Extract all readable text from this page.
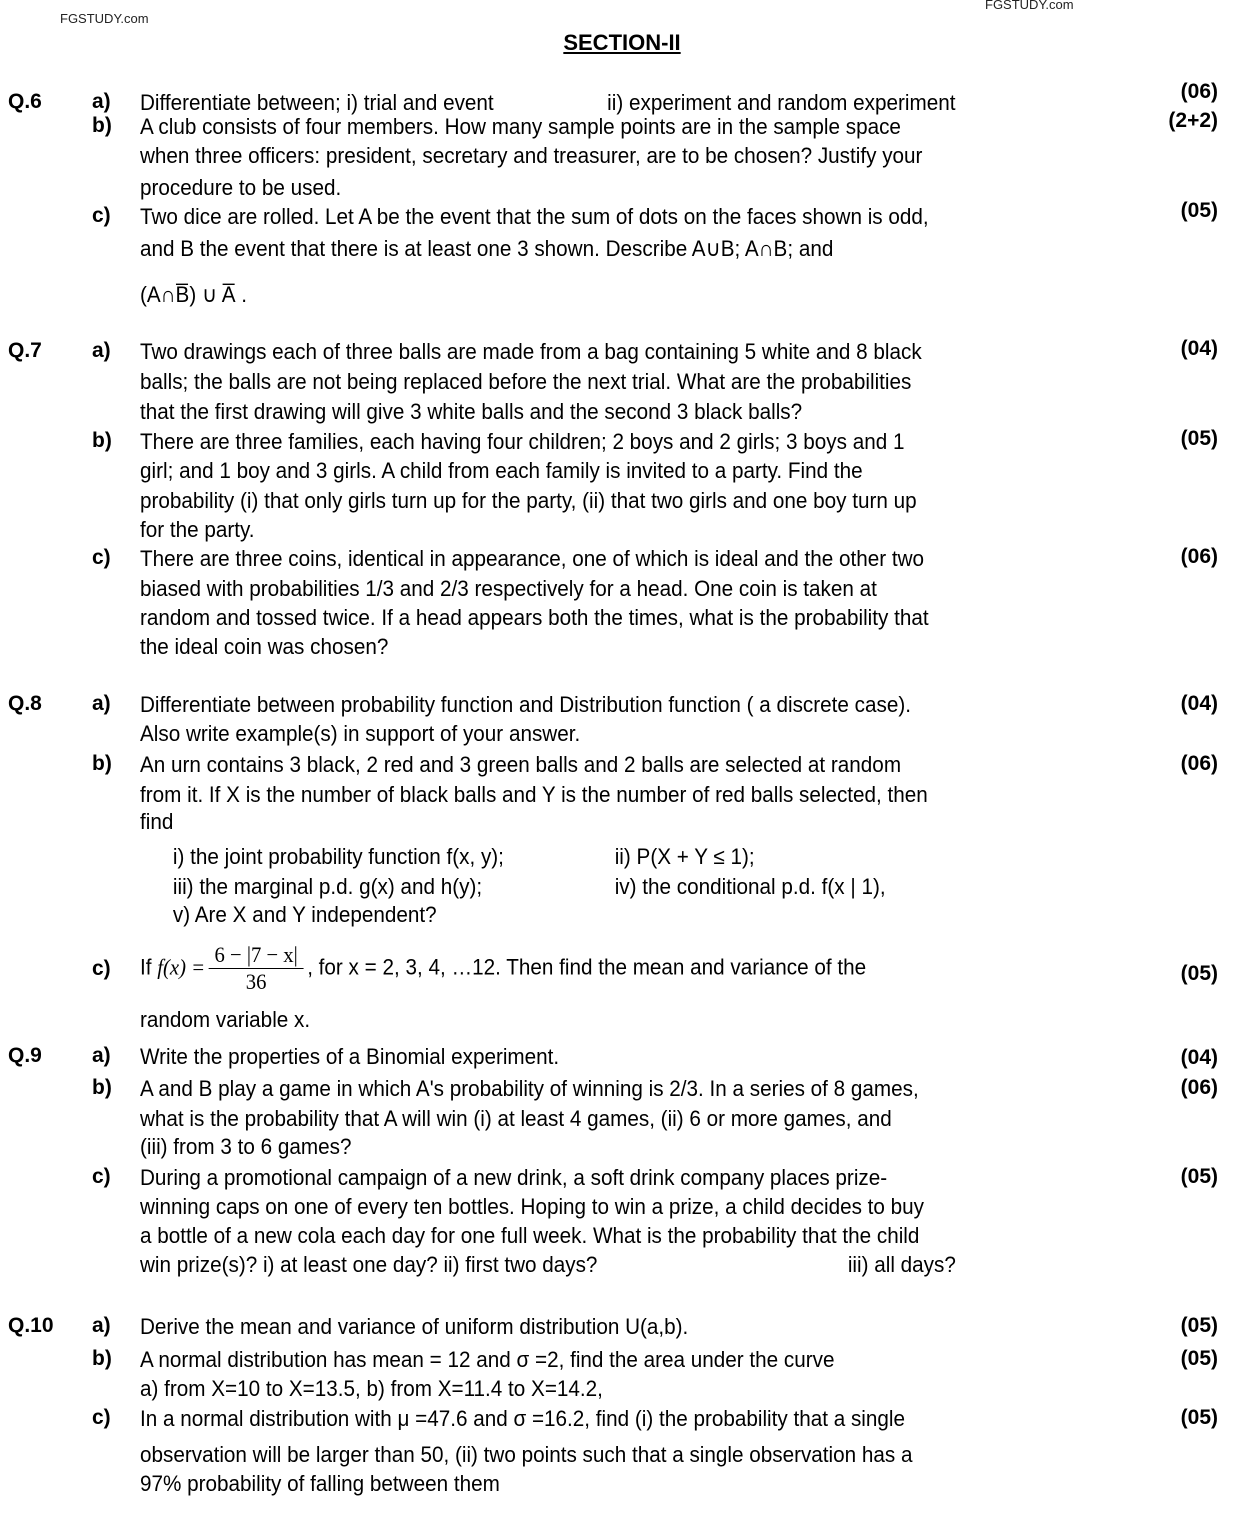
FGSTUDY.com
FGSTUDY.com
SECTION-II
Q.6 a)	(06)
Differentiate between; i) trial and event	ii) experiment and random experiment
b)	(2+2)
A club consists of four members. How many sample points are in the sample space
when three officers: president, secretary and treasurer, are to be chosen? Justify your
procedure to be used.
c)	(05)
Two dice are rolled. Let A be the event that the sum of dots on the faces shown is odd,
and B the event that there is at least one 3 shown. Describe A∪B; A∩B; and
(A∩B̅) ∪ A̅ .
Q.7 a)	(04)
Two drawings each of three balls are made from a bag containing 5 white and 8 black
balls; the balls are not being replaced before the next trial. What are the probabilities
that the first drawing will give 3 white balls and the second 3 black balls?
b)	(05)
There are three families, each having four children; 2 boys and 2 girls; 3 boys and 1
girl; and 1 boy and 3 girls. A child from each family is invited to a party. Find the
probability (i) that only girls turn up for the party, (ii) that two girls and one boy turn up
for the party.
c)	(06)
There are three coins, identical in appearance, one of which is ideal and the other two
biased with probabilities 1/3 and 2/3 respectively for a head. One coin is taken at
random and tossed twice. If a head appears both the times, what is the probability that
the ideal coin was chosen?
Q.8 a)	(04)
Differentiate between probability function and Distribution function ( a discrete case).
Also write example(s) in support of your answer.
b)	(06)
An urn contains 3 black, 2 red and 3 green balls and 2 balls are selected at random
from it. If X is the number of black balls and Y is the number of red balls selected, then
find
i) the joint probability function f(x, y);	ii) P(X + Y ≤ 1);
iii) the marginal p.d. g(x) and h(y);	iv) the conditional p.d. f(x | 1),
v) Are X and Y independent?
c)	(05)
If $f(x) = \frac{6 - |7 - x|}{36}$ , for x = 2, 3, 4, …12. Then find the mean and variance of the
random variable x.
Q.9 a)	(04)
Write the properties of a Binomial experiment.
b)	(06)
A and B play a game in which A's probability of winning is 2/3. In a series of 8 games,
what is the probability that A will win (i) at least 4 games, (ii) 6 or more games, and
(iii) from 3 to 6 games?
c)	(05)
During a promotional campaign of a new drink, a soft drink company places prize-
winning caps on one of every ten bottles. Hoping to win a prize, a child decides to buy
a bottle of a new cola each day for one full week. What is the probability that the child
win prize(s)? i) at least one day? ii) first two days?	iii) all days?
Q.10 a)	(05)
Derive the mean and variance of uniform distribution U(a,b).
b)	(05)
A normal distribution has mean = 12 and σ =2, find the area under the curve
a) from X=10 to X=13.5, b) from X=11.4 to X=14.2,
c)	(05)
In a normal distribution with μ =47.6 and σ =16.2, find (i) the probability that a single
observation will be larger than 50, (ii) two points such that a single observation has a
97% probability of falling between them
